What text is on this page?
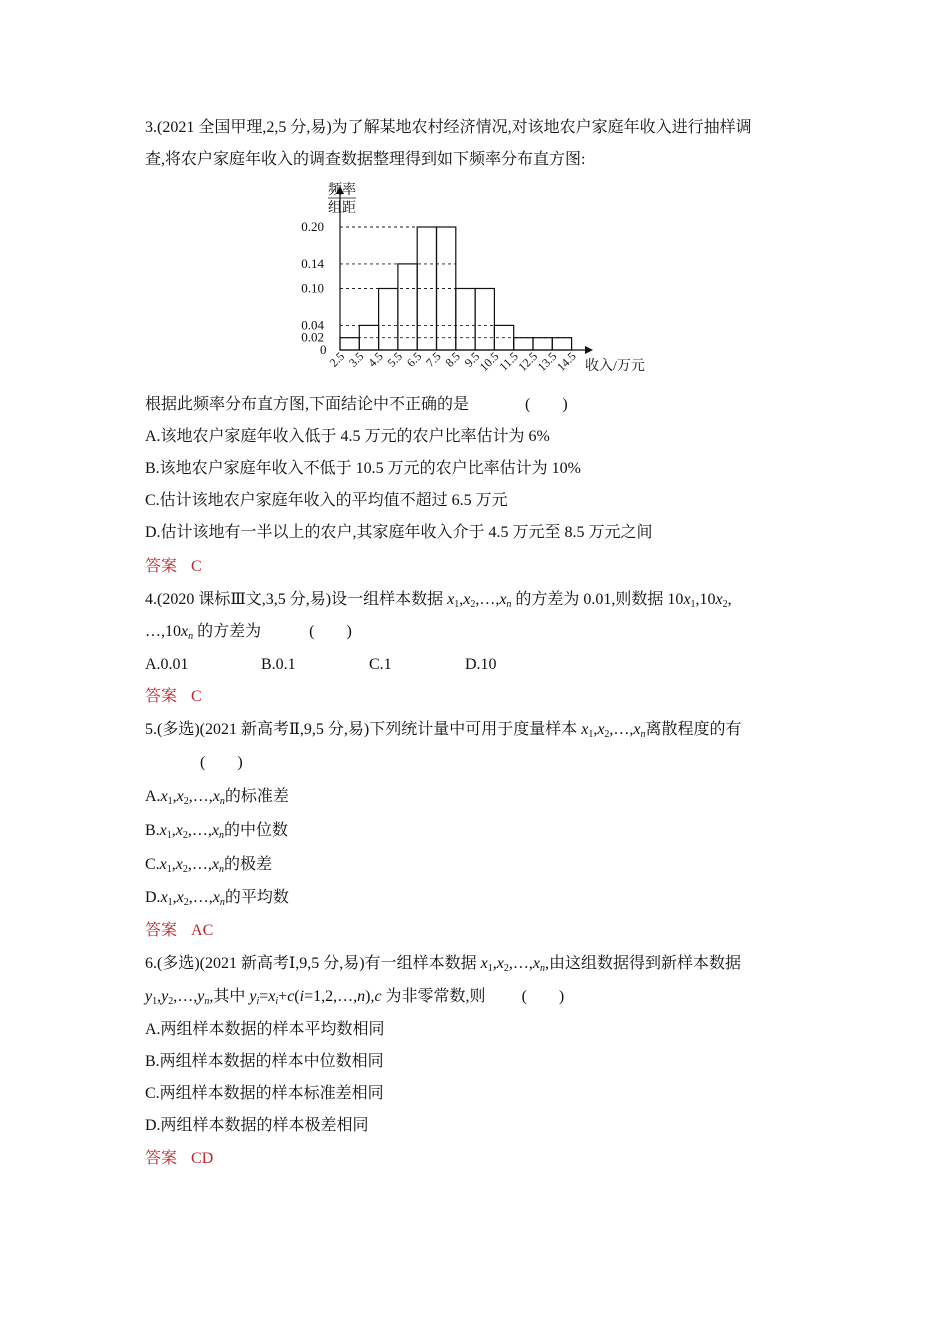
3.(2021 全国甲理,2,5 分,易)为了解某地农村经济情况,对该地农户家庭年收入进行抽样调
查,将农户家庭年收入的调查数据整理得到如下频率分布直方图:
0.20
0.14
0.10
0.04
0.02
0
频率
组距
2.5
3.5
4.5
5.5
6.5
7.5
8.5
9.5
10.5
11.5
12.5
13.5
14.5 收入/万元
根据此频率分布直方图,下面结论中不正确的是	(　　)
A.该地农户家庭年收入低于 4.5 万元的农户比率估计为 6%
B.该地农户家庭年收入不低于 10.5 万元的农户比率估计为 10%
C.估计该地农户家庭年收入的平均值不超过 6.5 万元
D.估计该地有一半以上的农户,其家庭年收入介于 4.5 万元至 8.5 万元之间
答案 C
4.(2020 课标Ⅲ文,3,5 分,易)设一组样本数据 $x_1,x_2,\dots,x_n$ 的方差为 0.01,则数据 $10x_1,10x_2$,
$\dots,10x_n$ 的方差为	(　　)
A.0.01	B.0.1	C.1	D.10
答案 C
5.(多选)(2021 新高考Ⅱ,9,5 分,易)下列统计量中可用于度量样本 $x_1,x_2,\dots,x_n$离散程度的有
(　　)
$A.x_1,x_2,\dots,x_n$的标准差
$B.x_1,x_2,\dots,x_n$的中位数
$C.x_1,x_2,\dots,x_n$的极差
$D.x_1,x_2,\dots,x_n$的平均数
答案 AC
6.(多选)(2021 新高考Ⅰ,9,5 分,易)有一组样本数据 $x_1,x_2,\dots,x_n$,由这组数据得到新样本数据
$y_1,y_2,\dots,y_n$,其中 $y_i=x_i+c(i=1,2,\dots,n),c$ 为非零常数,则 (　　)
A.两组样本数据的样本平均数相同
B.两组样本数据的样本中位数相同
C.两组样本数据的样本标准差相同
D.两组样本数据的样本极差相同
答案 CD
